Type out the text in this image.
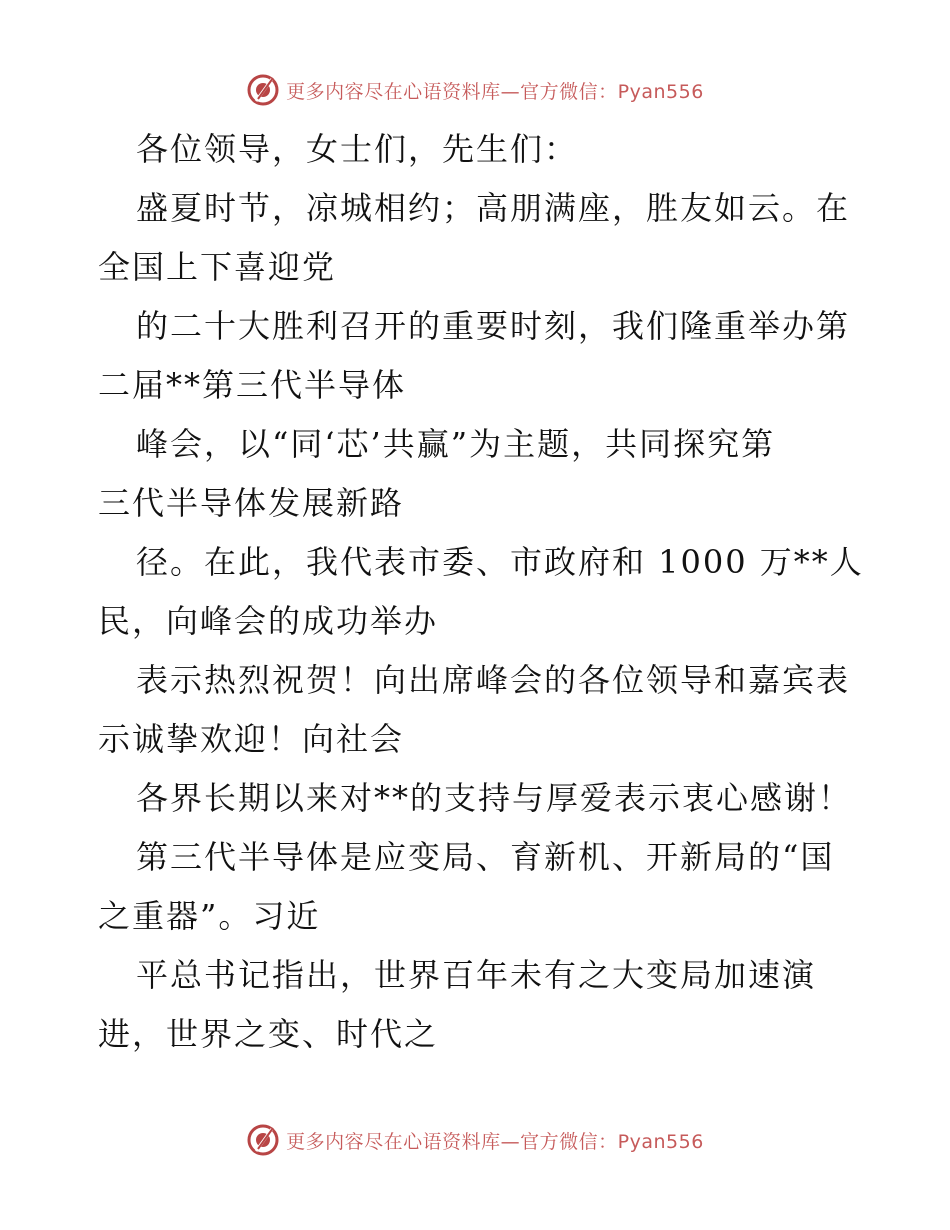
更多内容尽在心语资料库—官方微信：Pyan556
各位领导，女士们，先生们：
盛夏时节，凉城相约；高朋满座，胜友如云。在
全国上下喜迎党
的二十大胜利召开的重要时刻，我们隆重举办第
二届**第三代半导体
峰会，以“同‘芯’共赢”为主题，共同探究第
三代半导体发展新路
径。在此，我代表市委、市政府和 1000 万**人
民，向峰会的成功举办
表示热烈祝贺！向出席峰会的各位领导和嘉宾表
示诚挚欢迎！向社会
各界长期以来对**的支持与厚爱表示衷心感谢！
第三代半导体是应变局、育新机、开新局的“国
之重器”。习近
平总书记指出，世界百年未有之大变局加速演
进，世界之变、时代之
更多内容尽在心语资料库—官方微信：Pyan556
